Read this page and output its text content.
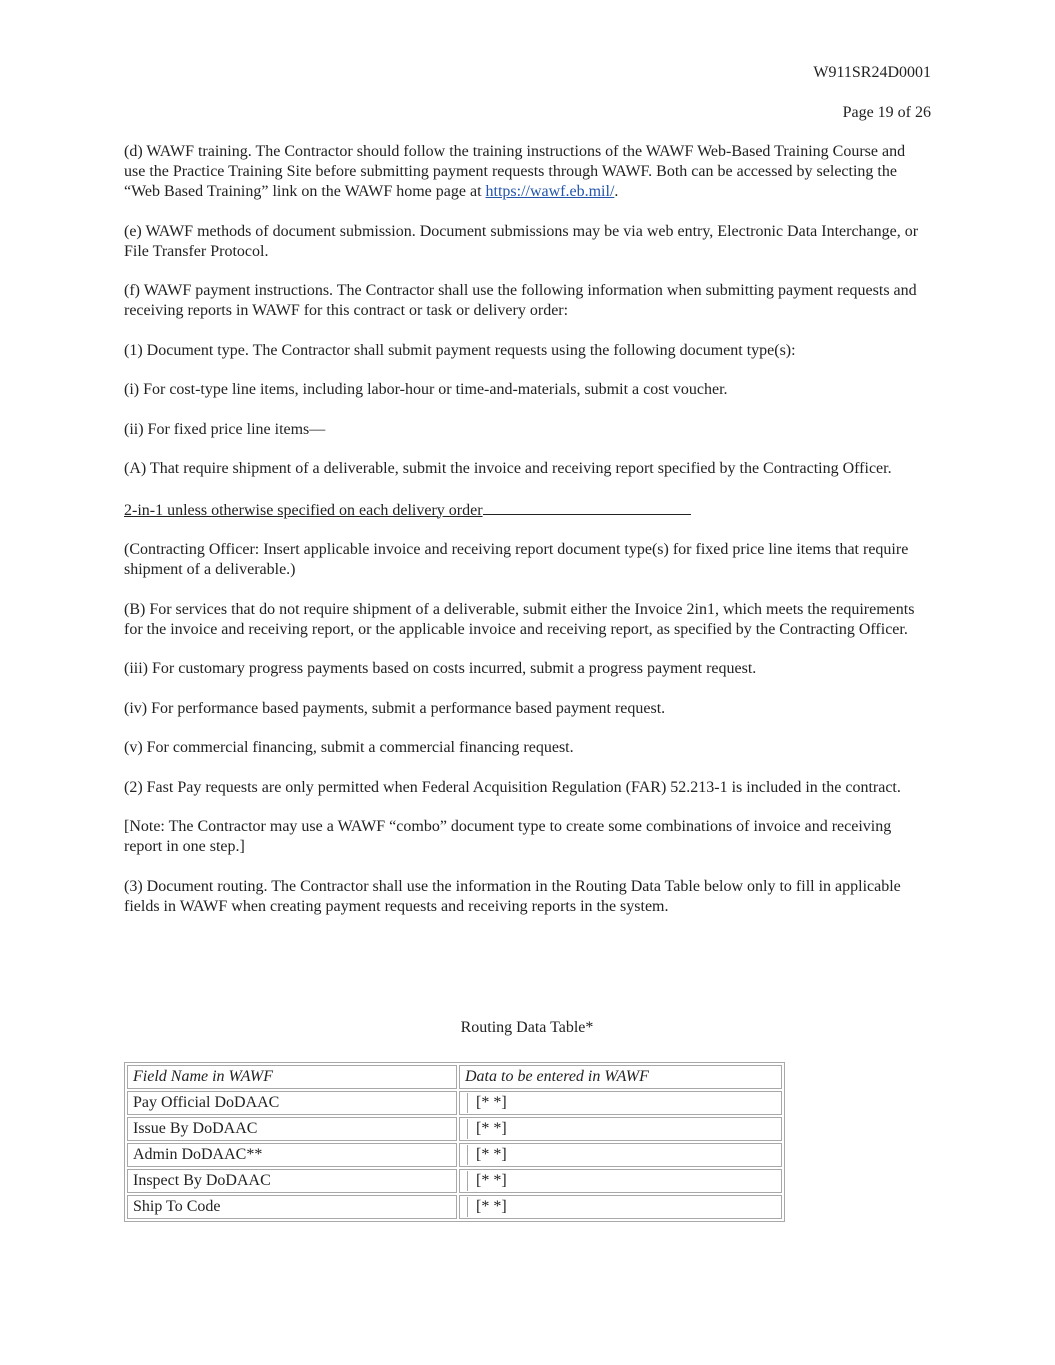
W911SR24D0001
Page 19 of 26

(d) WAWF training. The Contractor should follow the training instructions of the WAWF Web-Based Training Course and use the Practice Training Site before submitting payment requests through WAWF. Both can be accessed by selecting the “Web Based Training” link on the WAWF home page at https://wawf.eb.mil/.

(e) WAWF methods of document submission. Document submissions may be via web entry, Electronic Data Interchange, or File Transfer Protocol.

(f) WAWF payment instructions. The Contractor shall use the following information when submitting payment requests and receiving reports in WAWF for this contract or task or delivery order:

(1) Document type. The Contractor shall submit payment requests using the following document type(s):

(i) For cost-type line items, including labor-hour or time-and-materials, submit a cost voucher.

(ii) For fixed price line items—

(A) That require shipment of a deliverable, submit the invoice and receiving report specified by the Contracting Officer.

2-in-1 unless otherwise specified on each delivery order

(Contracting Officer: Insert applicable invoice and receiving report document type(s) for fixed price line items that require shipment of a deliverable.)

(B) For services that do not require shipment of a deliverable, submit either the Invoice 2in1, which meets the requirements for the invoice and receiving report, or the applicable invoice and receiving report, as specified by the Contracting Officer.

(iii) For customary progress payments based on costs incurred, submit a progress payment request.

(iv) For performance based payments, submit a performance based payment request.

(v) For commercial financing, submit a commercial financing request.

(2) Fast Pay requests are only permitted when Federal Acquisition Regulation (FAR) 52.213-1 is included in the contract.

[Note: The Contractor may use a WAWF “combo” document type to create some combinations of invoice and receiving report in one step.]

(3) Document routing. The Contractor shall use the information in the Routing Data Table below only to fill in applicable fields in WAWF when creating payment requests and receiving reports in the system.

Routing Data Table*
Field Name in WAWF	Data to be entered in WAWF
Pay Official DoDAAC	[* *]
Issue By DoDAAC	[* *]
Admin DoDAAC**	[* *]
Inspect By DoDAAC	[* *]
Ship To Code	[* *]
